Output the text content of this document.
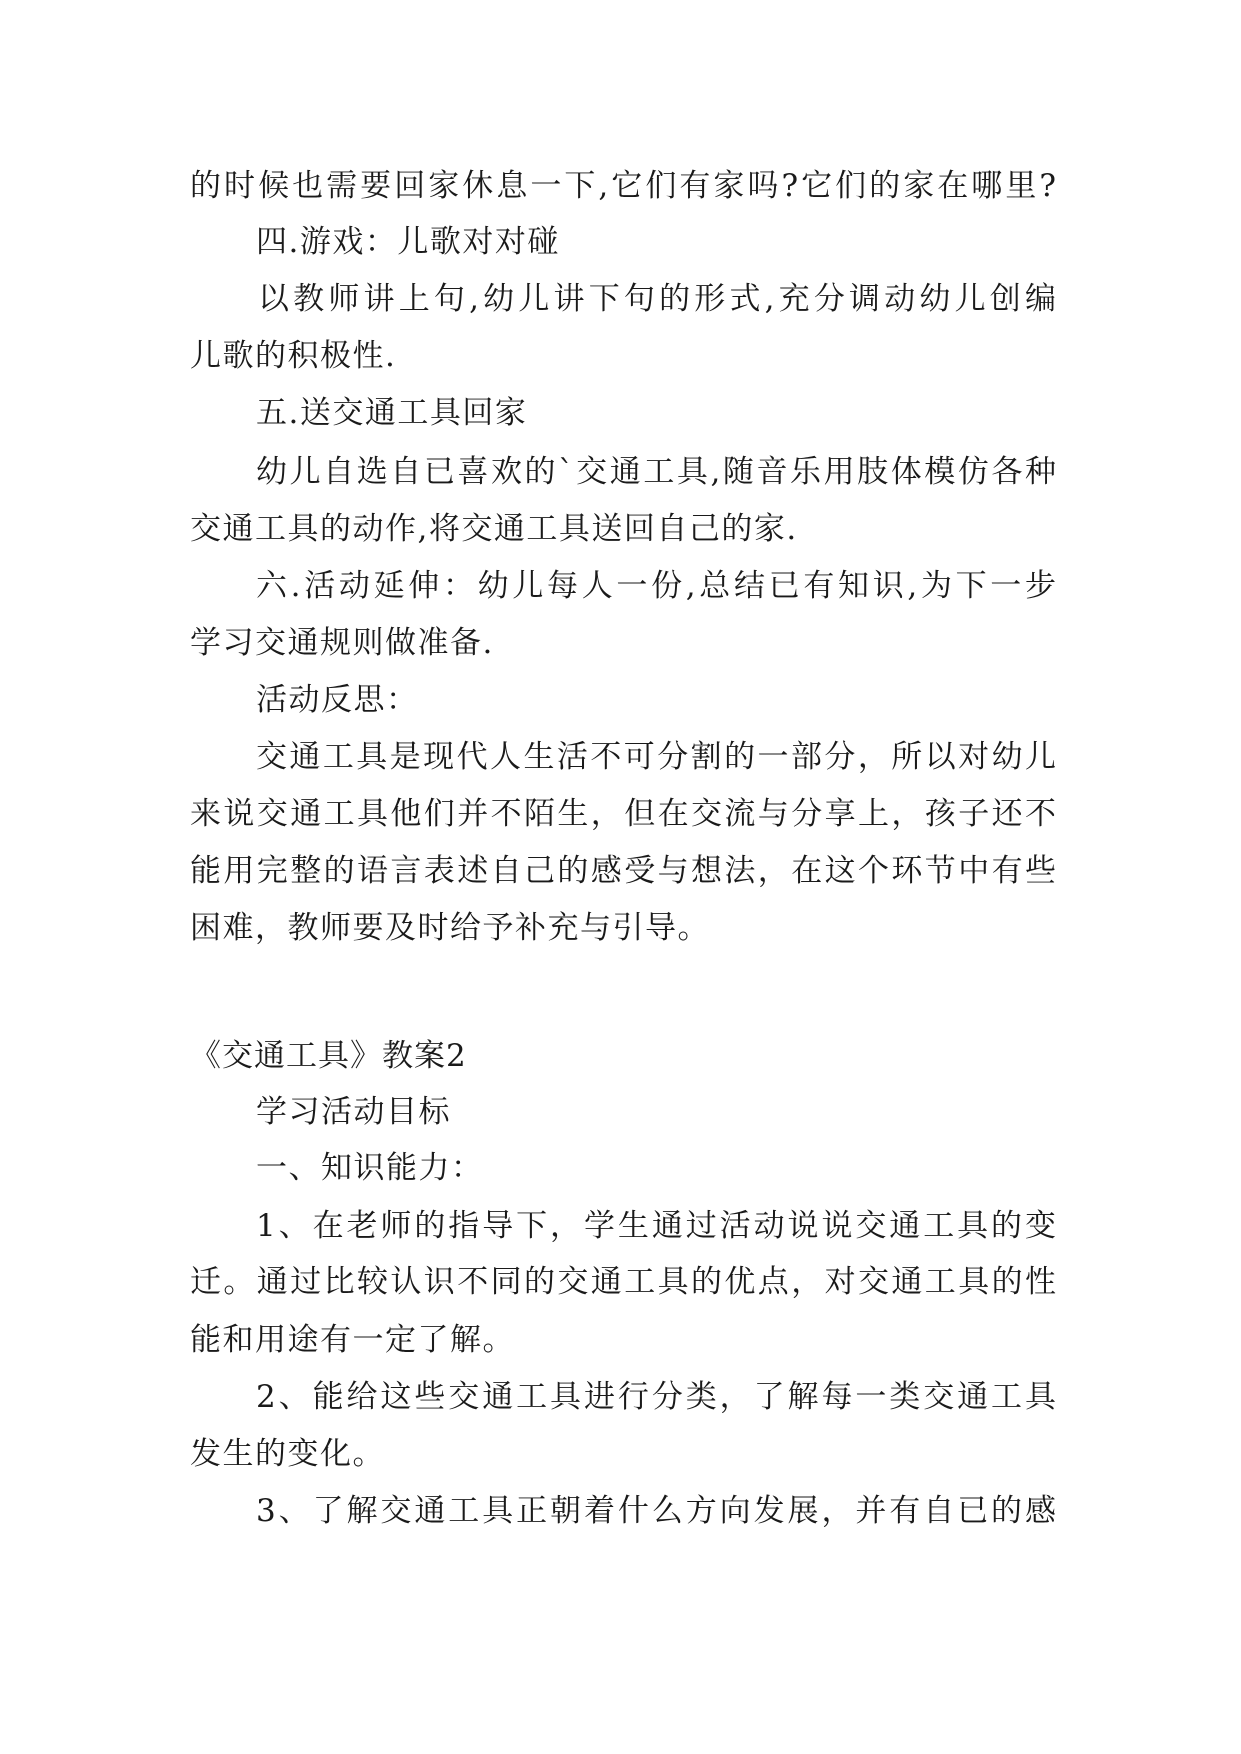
的时候也需要回家休息一下,它们有家吗?它们的家在哪里?
四.游戏：儿歌对对碰
以教师讲上句,幼儿讲下句的形式,充分调动幼儿创编
儿歌的积极性.
五.送交通工具回家
幼儿自选自已喜欢的`交通工具,随音乐用肢体模仿各种
交通工具的动作,将交通工具送回自己的家.
六.活动延伸：幼儿每人一份,总结已有知识,为下一步
学习交通规则做准备.
活动反思：
交通工具是现代人生活不可分割的一部分，所以对幼儿
来说交通工具他们并不陌生，但在交流与分享上，孩子还不
能用完整的语言表述自己的感受与想法，在这个环节中有些
困难，教师要及时给予补充与引导。
《交通工具》教案2
学习活动目标
一、知识能力：
1、在老师的指导下，学生通过活动说说交通工具的变
迁。通过比较认识不同的交通工具的优点，对交通工具的性
能和用途有一定了解。
2、能给这些交通工具进行分类，了解每一类交通工具
发生的变化。
3、了解交通工具正朝着什么方向发展，并有自已的感
